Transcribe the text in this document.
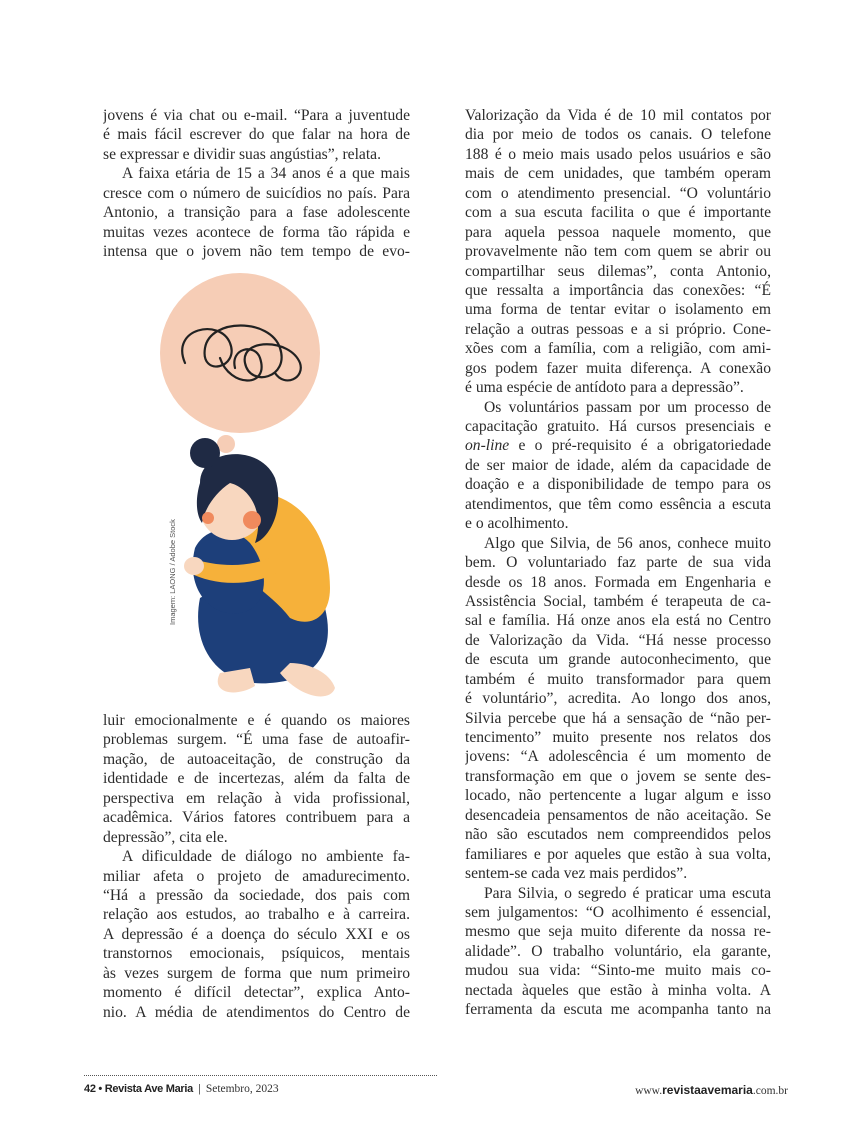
jovens é via chat ou e-mail. “Para a juventude
é mais fácil escrever do que falar na hora de
se expressar e dividir suas angústias”, relata.
A faixa etária de 15 a 34 anos é a que mais
cresce com o número de suicídios no país. Para
Antonio, a transição para a fase adolescente
muitas vezes acontece de forma tão rápida e
intensa que o jovem não tem tempo de evo-
Imagem: LAONG / Adobe Stock
luir emocionalmente e é quando os maiores
problemas surgem. “É uma fase de autoafir-
mação, de autoaceitação, de construção da
identidade e de incertezas, além da falta de
perspectiva em relação à vida profissional,
acadêmica. Vários fatores contribuem para a
depressão”, cita ele.
A dificuldade de diálogo no ambiente fa-
miliar afeta o projeto de amadurecimento.
“Há a pressão da sociedade, dos pais com
relação aos estudos, ao trabalho e à carreira.
A depressão é a doença do século XXI e os
transtornos emocionais, psíquicos, mentais
às vezes surgem de forma que num primeiro
momento é difícil detectar”, explica Anto-
nio. A média de atendimentos do Centro de
Valorização da Vida é de 10 mil contatos por
dia por meio de todos os canais. O telefone
188 é o meio mais usado pelos usuários e são
mais de cem unidades, que também operam
com o atendimento presencial. “O voluntário
com a sua escuta facilita o que é importante
para aquela pessoa naquele momento, que
provavelmente não tem com quem se abrir ou
compartilhar seus dilemas”, conta Antonio,
que ressalta a importância das conexões: “É
uma forma de tentar evitar o isolamento em
relação a outras pessoas e a si próprio. Cone-
xões com a família, com a religião, com ami-
gos podem fazer muita diferença. A conexão
é uma espécie de antídoto para a depressão”.
Os voluntários passam por um processo de
capacitação gratuito. Há cursos presenciais e
on-line e o pré-requisito é a obrigatoriedade
de ser maior de idade, além da capacidade de
doação e a disponibilidade de tempo para os
atendimentos, que têm como essência a escuta
e o acolhimento.
Algo que Silvia, de 56 anos, conhece muito
bem. O voluntariado faz parte de sua vida
desde os 18 anos. Formada em Engenharia e
Assistência Social, também é terapeuta de ca-
sal e família. Há onze anos ela está no Centro
de Valorização da Vida. “Há nesse processo
de escuta um grande autoconhecimento, que
também é muito transformador para quem
é voluntário”, acredita. Ao longo dos anos,
Silvia percebe que há a sensação de “não per-
tencimento” muito presente nos relatos dos
jovens: “A adolescência é um momento de
transformação em que o jovem se sente des-
locado, não pertencente a lugar algum e isso
desencadeia pensamentos de não aceitação. Se
não são escutados nem compreendidos pelos
familiares e por aqueles que estão à sua volta,
sentem-se cada vez mais perdidos”.
Para Silvia, o segredo é praticar uma escuta
sem julgamentos: “O acolhimento é essencial,
mesmo que seja muito diferente da nossa re-
alidade”. O trabalho voluntário, ela garante,
mudou sua vida: “Sinto-me muito mais co-
nectada àqueles que estão à minha volta. A
ferramenta da escuta me acompanha tanto na
42 • Revista Ave Maria | Setembro, 2023	www.revistaavemaria.com.br
